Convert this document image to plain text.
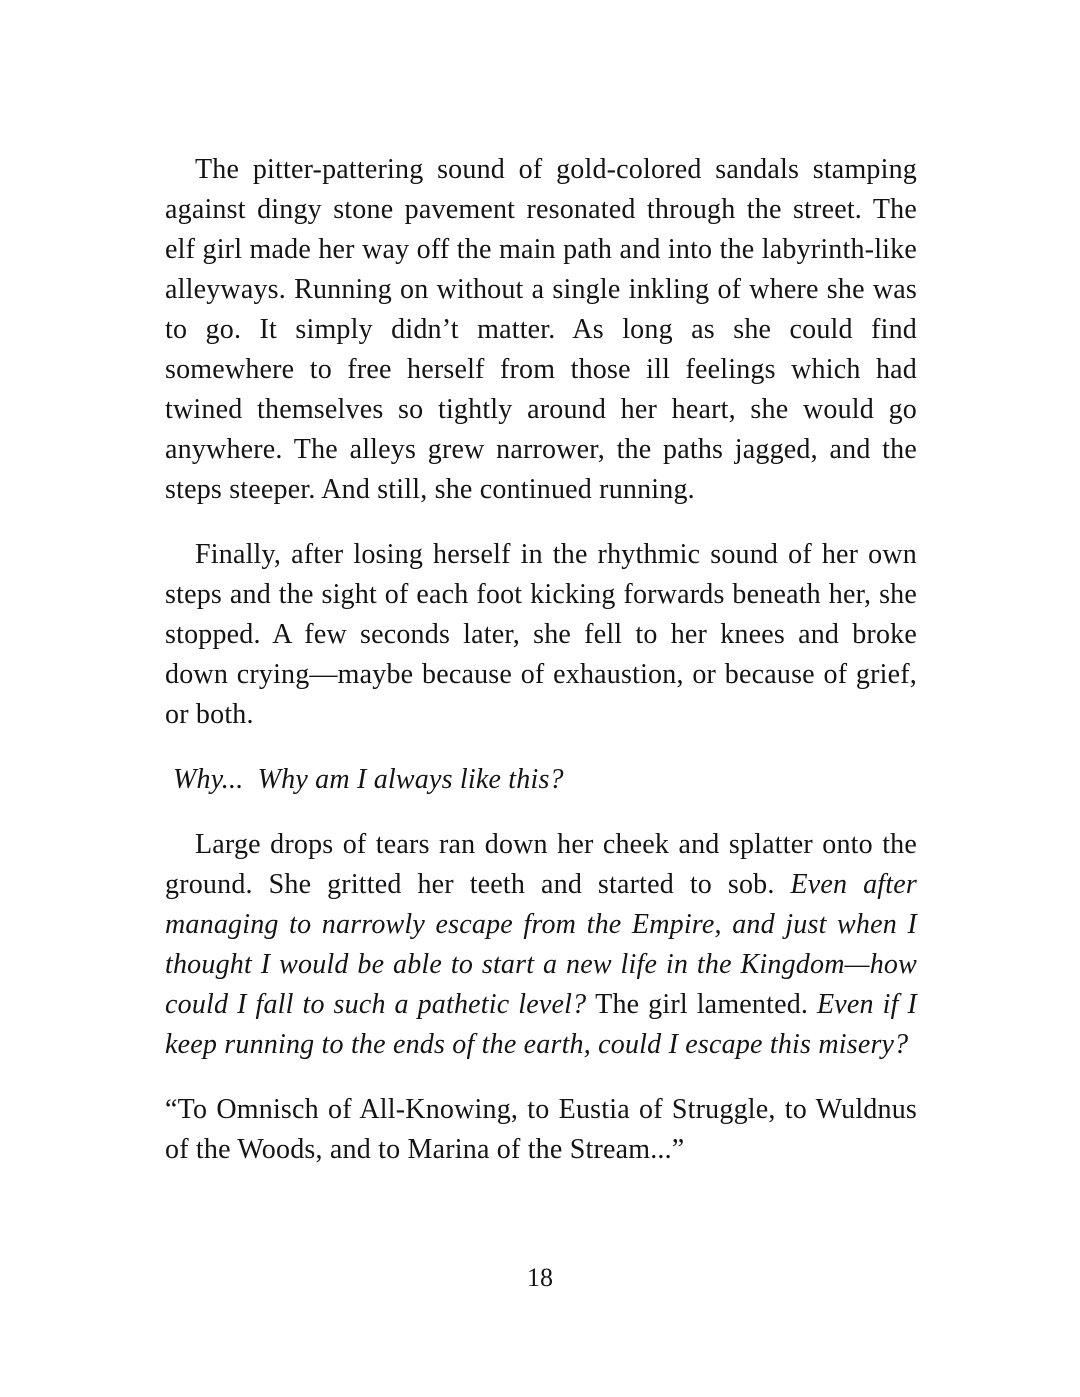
The pitter-pattering sound of gold-colored sandals stamping against dingy stone pavement resonated through the street. The elf girl made her way off the main path and into the labyrinth-like alleyways. Running on without a single inkling of where she was to go. It simply didn’t matter. As long as she could find somewhere to free herself from those ill feelings which had twined themselves so tightly around her heart, she would go anywhere. The alleys grew narrower, the paths jagged, and the steps steeper. And still, she continued running.

Finally, after losing herself in the rhythmic sound of her own steps and the sight of each foot kicking forwards beneath her, she stopped. A few seconds later, she fell to her knees and broke down crying—maybe because of exhaustion, or because of grief, or both.

Why... Why am I always like this?

Large drops of tears ran down her cheek and splatter onto the ground. She gritted her teeth and started to sob. Even after managing to narrowly escape from the Empire, and just when I thought I would be able to start a new life in the Kingdom—how could I fall to such a pathetic level? The girl lamented. Even if I keep running to the ends of the earth, could I escape this misery?

“To Omnisch of All-Knowing, to Eustia of Struggle, to Wuldnus of the Woods, and to Marina of the Stream...”

18
